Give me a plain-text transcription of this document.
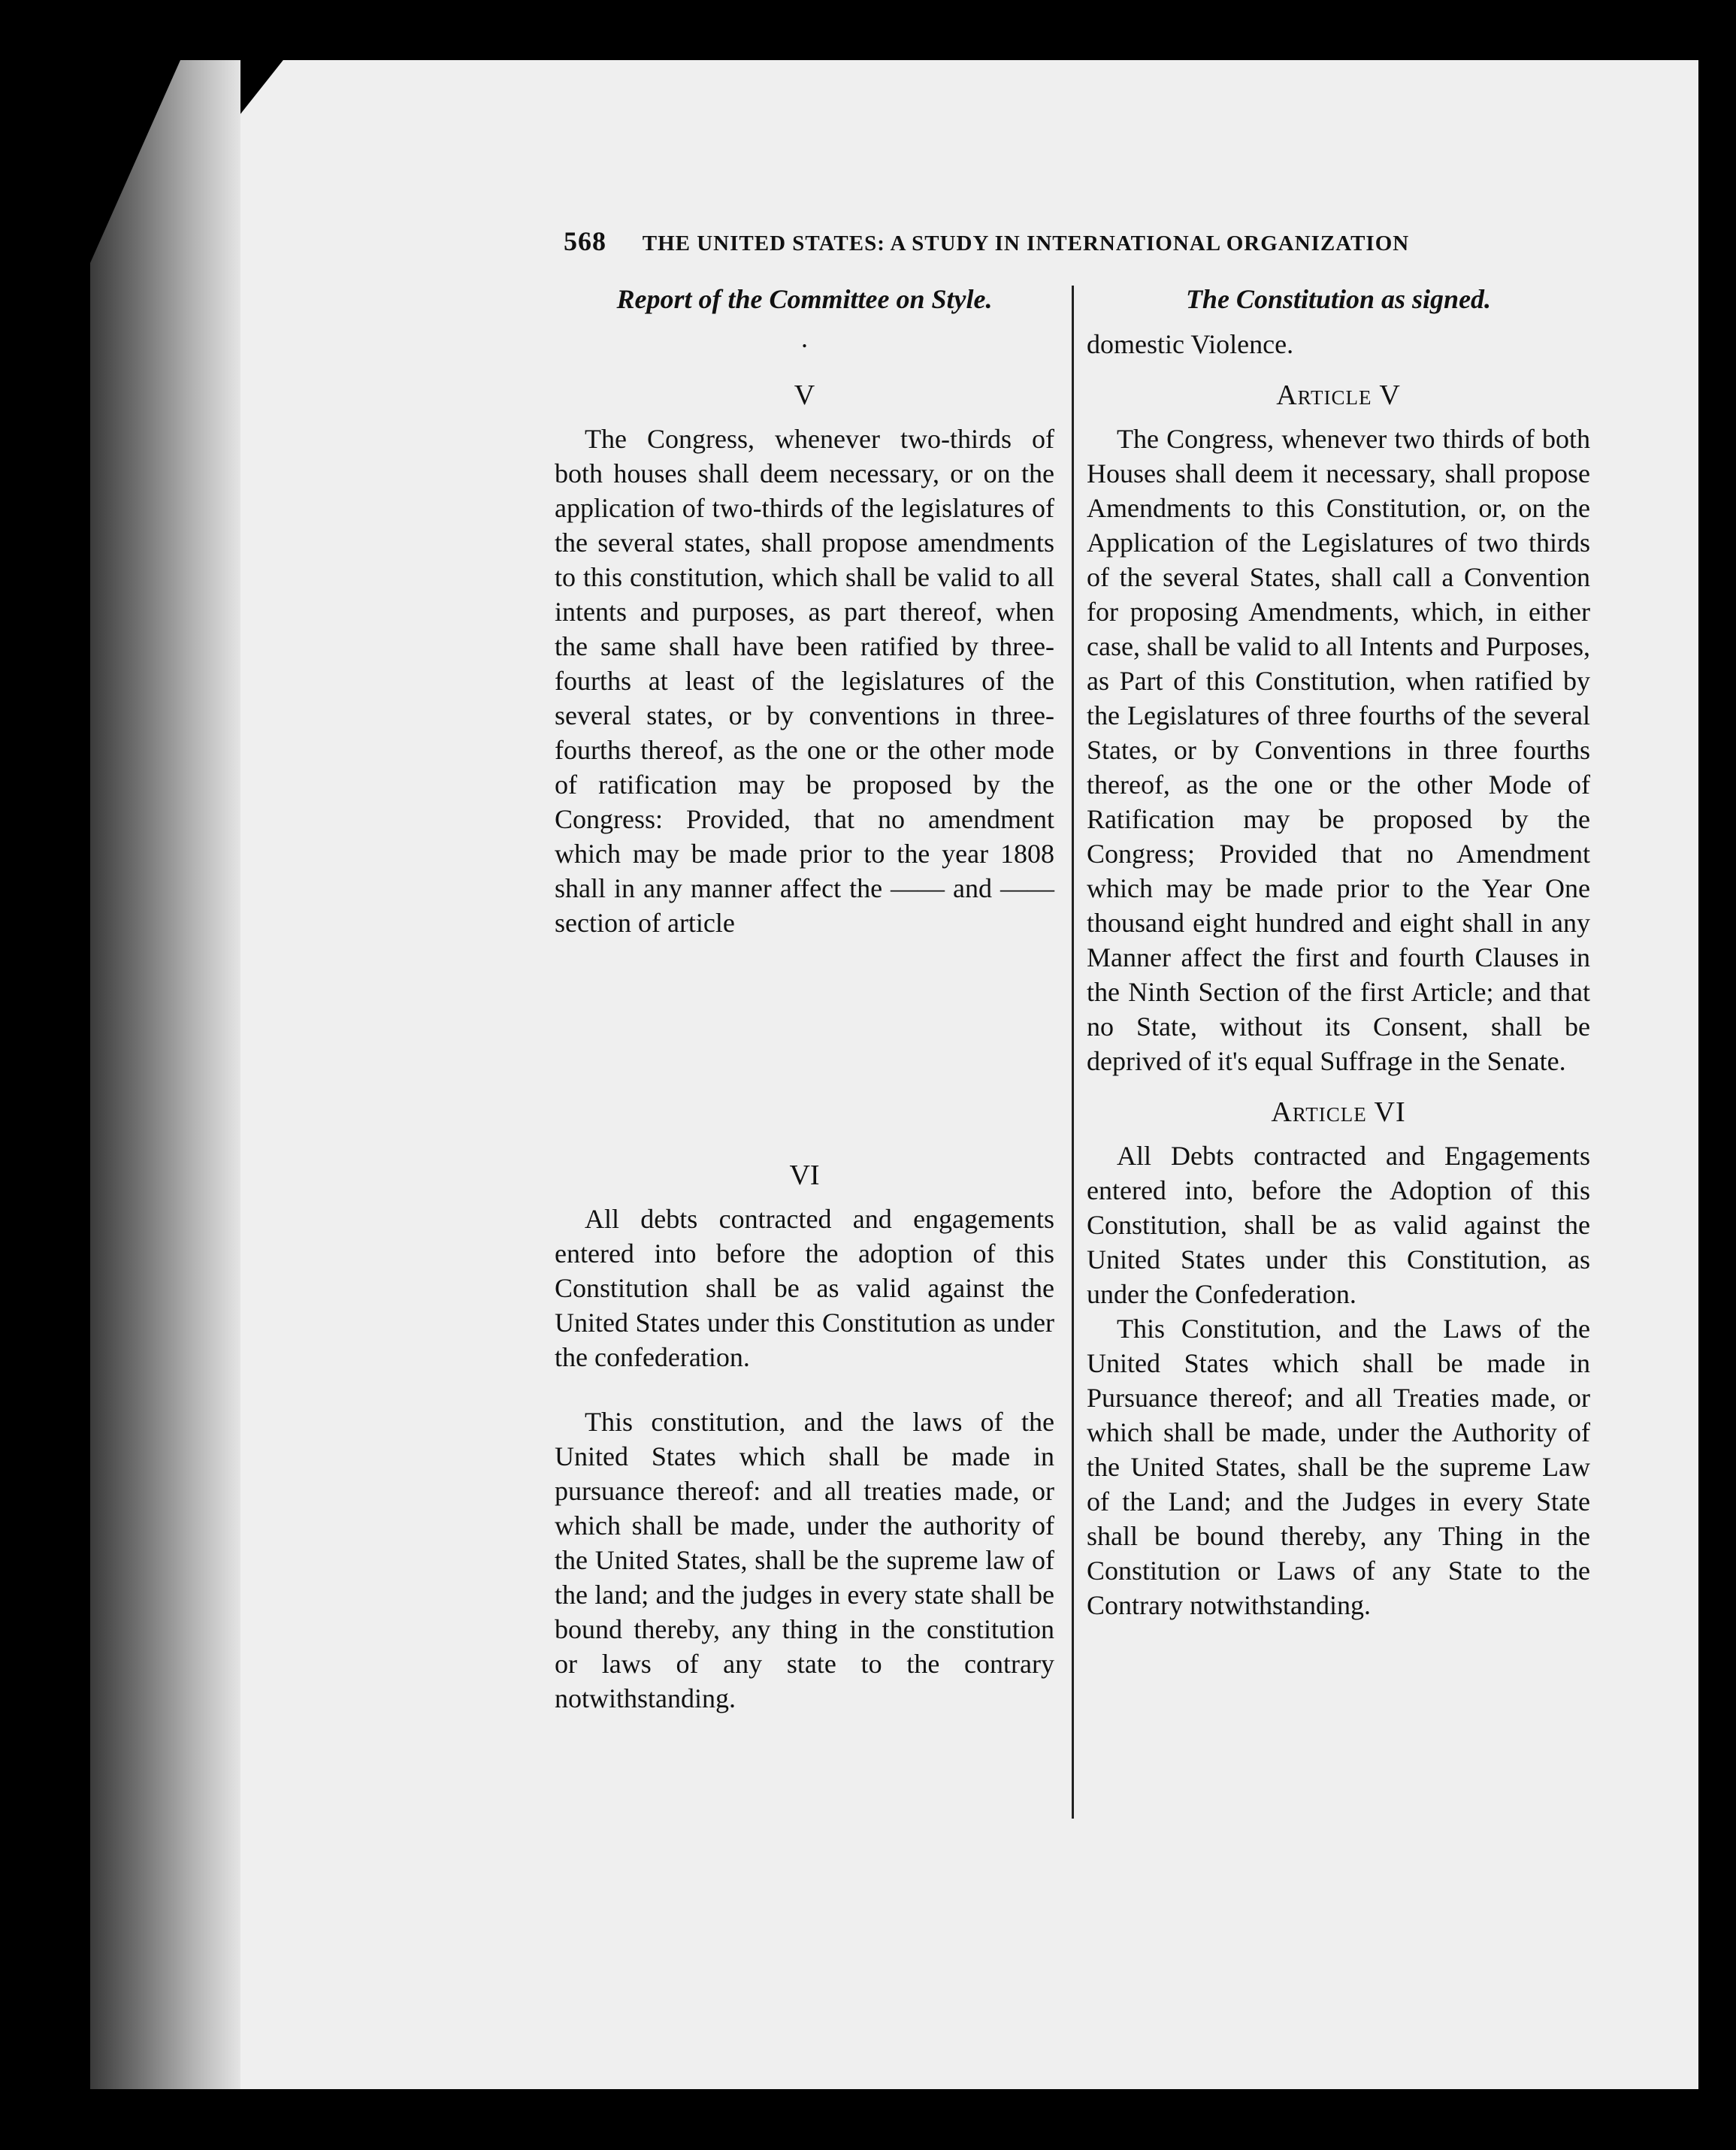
568 THE UNITED STATES: A STUDY IN INTERNATIONAL ORGANIZATION
Report of the Committee on Style.
.
V

The Congress, whenever two-thirds of both houses shall deem necessary, or on the application of two-thirds of the legislatures of the several states, shall propose amendments to this constitution, which shall be valid to all intents and purposes, as part thereof, when the same shall have been ratified by three-fourths at least of the legislatures of the several states, or by conventions in three-fourths thereof, as the one or the other mode of ratification may be proposed by the Congress: Provided, that no amendment which may be made prior to the year 1808 shall in any manner affect the —— and —— section of article

VI

All debts contracted and engagements entered into before the adoption of this Constitution shall be as valid against the United States under this Constitution as under the confederation.

This constitution, and the laws of the United States which shall be made in pursuance thereof: and all treaties made, or which shall be made, under the authority of the United States, shall be the supreme law of the land; and the judges in every state shall be bound thereby, any thing in the constitution or laws of any state to the contrary notwithstanding.

The Constitution as signed.

domestic Violence.

Article V

The Congress, whenever two thirds of both Houses shall deem it necessary, shall propose Amendments to this Constitution, or, on the Application of the Legislatures of two thirds of the several States, shall call a Convention for proposing Amendments, which, in either case, shall be valid to all Intents and Purposes, as Part of this Constitution, when ratified by the Legislatures of three fourths of the several States, or by Conventions in three fourths thereof, as the one or the other Mode of Ratification may be proposed by the Congress; Provided that no Amendment which may be made prior to the Year One thousand eight hundred and eight shall in any Manner affect the first and fourth Clauses in the Ninth Section of the first Article; and that no State, without its Consent, shall be deprived of it's equal Suffrage in the Senate.

Article VI

All Debts contracted and Engagements entered into, before the Adoption of this Constitution, shall be as valid against the United States under this Constitution, as under the Confederation.

This Constitution, and the Laws of the United States which shall be made in Pursuance thereof; and all Treaties made, or which shall be made, under the Authority of the United States, shall be the supreme Law of the Land; and the Judges in every State shall be bound thereby, any Thing in the Constitution or Laws of any State to the Contrary notwithstanding.
